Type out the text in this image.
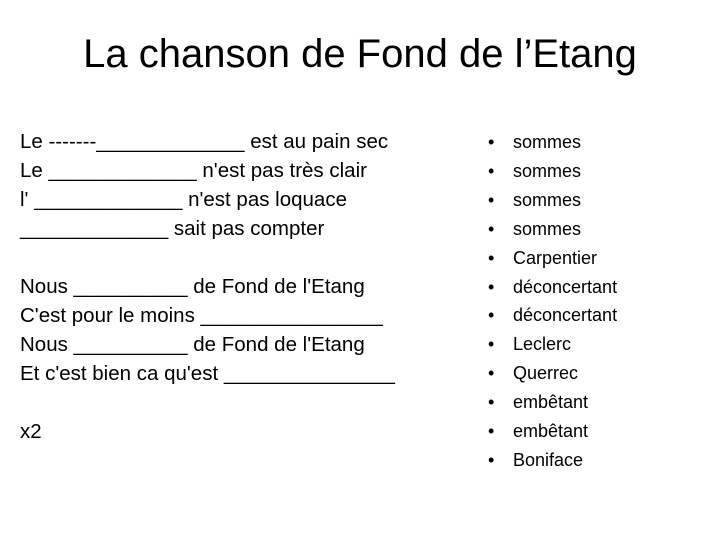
La chanson de Fond de l’Etang
Le -------_____________ est au pain sec
Le _____________ n'est pas très clair
l' _____________ n'est pas loquace
_____________ sait pas compter
Nous __________ de Fond de l'Etang
C'est pour le moins ________________
Nous __________ de Fond de l'Etang
Et c'est bien ca qu'est _______________
x2
• sommes
• sommes
• sommes
• sommes
• Carpentier
• déconcertant
• déconcertant
• Leclerc
• Querrec
• embêtant
• embêtant
• Boniface
